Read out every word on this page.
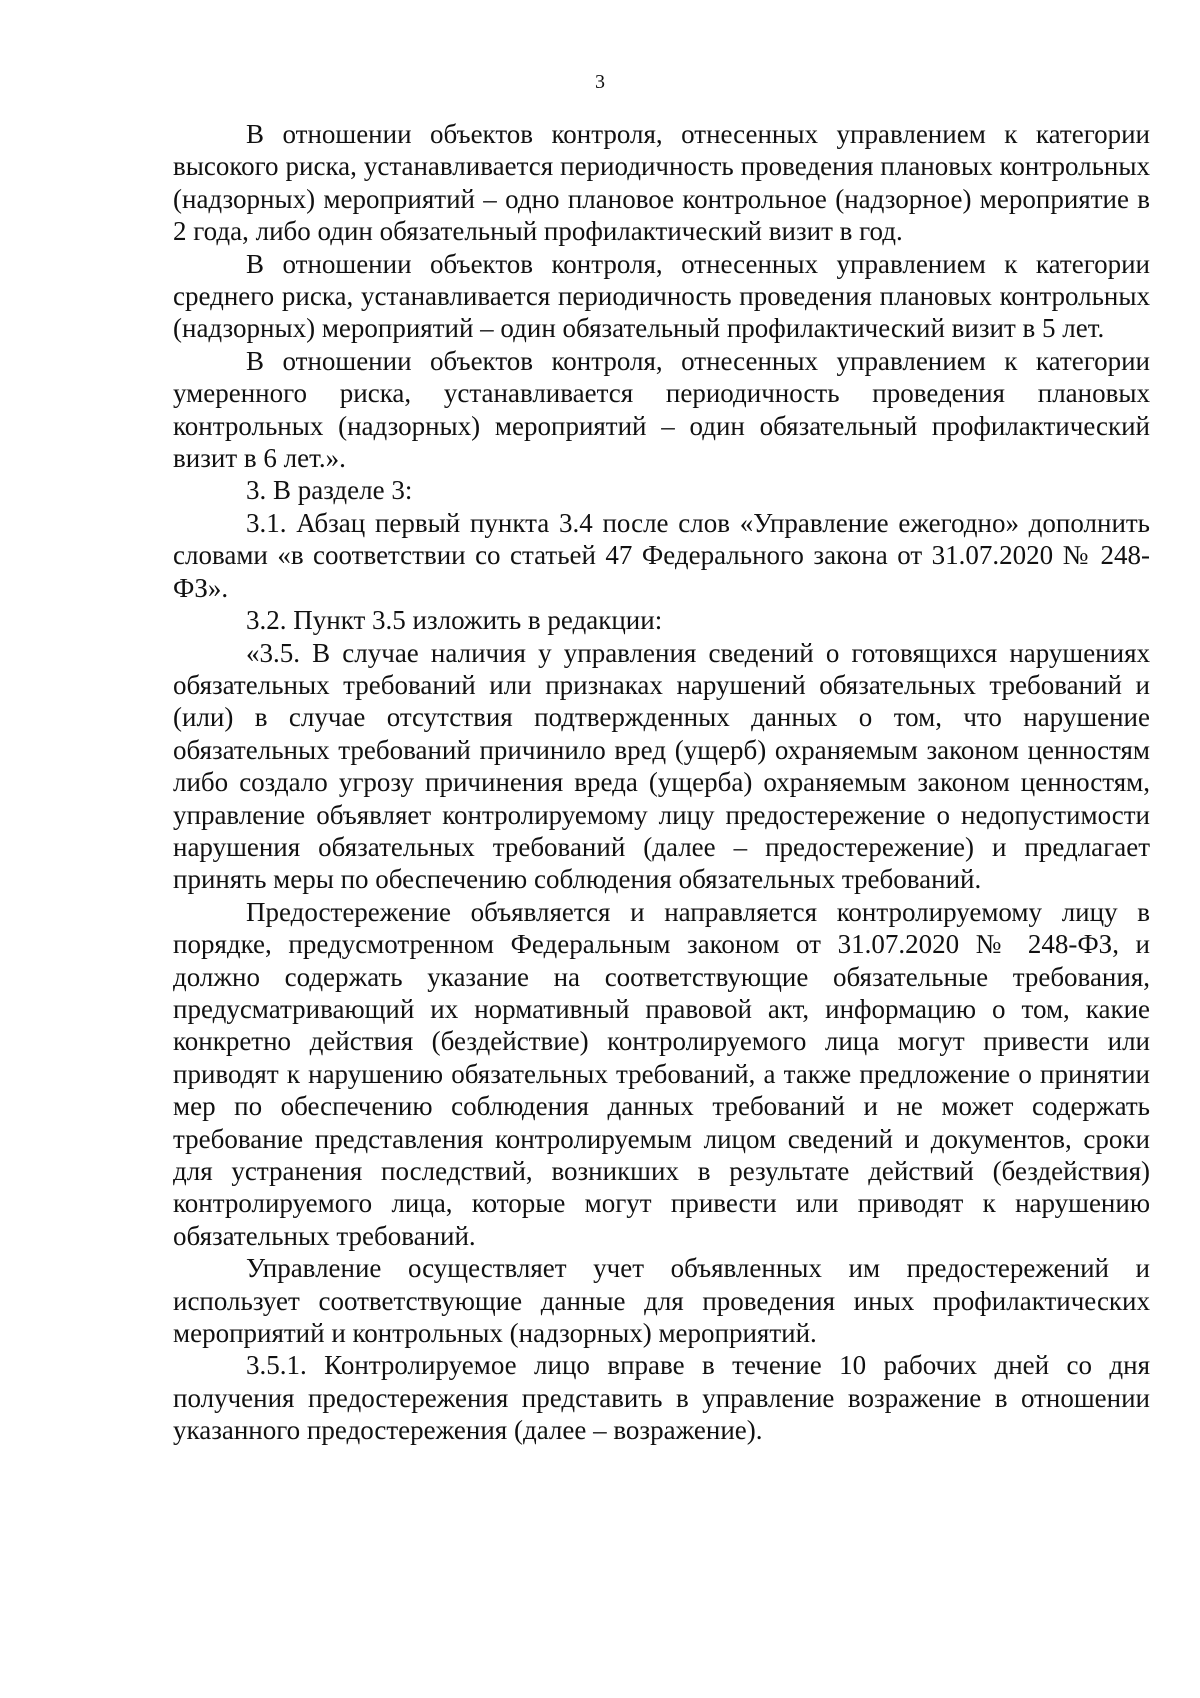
3

В отношении объектов контроля, отнесенных управлением к категории высокого риска, устанавливается периодичность проведения плановых контрольных (надзорных) мероприятий – одно плановое контрольное (надзорное) мероприятие в 2 года, либо один обязательный профилактический визит в год.

В отношении объектов контроля, отнесенных управлением к категории среднего риска, устанавливается периодичность проведения плановых контрольных (надзорных) мероприятий – один обязательный профилактический визит в 5 лет.

В отношении объектов контроля, отнесенных управлением к категории умеренного риска, устанавливается периодичность проведения плановых контрольных (надзорных) мероприятий – один обязательный профилактический визит в 6 лет.».

3. В разделе 3:

3.1. Абзац первый пункта 3.4 после слов «Управление ежегодно» дополнить словами «в соответствии со статьей 47 Федерального закона от 31.07.2020 № 248-ФЗ».

3.2. Пункт 3.5 изложить в редакции:

«3.5. В случае наличия у управления сведений о готовящихся нарушениях обязательных требований или признаках нарушений обязательных требований и (или) в случае отсутствия подтвержденных данных о том, что нарушение обязательных требований причинило вред (ущерб) охраняемым законом ценностям либо создало угрозу причинения вреда (ущерба) охраняемым законом ценностям, управление объявляет контролируемому лицу предостережение о недопустимости нарушения обязательных требований (далее – предостережение) и предлагает принять меры по обеспечению соблюдения обязательных требований.

Предостережение объявляется и направляется контролируемому лицу в порядке, предусмотренном Федеральным законом от 31.07.2020 № 248-ФЗ, и должно содержать указание на соответствующие обязательные требования, предусматривающий их нормативный правовой акт, информацию о том, какие конкретно действия (бездействие) контролируемого лица могут привести или приводят к нарушению обязательных требований, а также предложение о принятии мер по обеспечению соблюдения данных требований и не может содержать требование представления контролируемым лицом сведений и документов, сроки для устранения последствий, возникших в результате действий (бездействия) контролируемого лица, которые могут привести или приводят к нарушению обязательных требований.

Управление осуществляет учет объявленных им предостережений и использует соответствующие данные для проведения иных профилактических мероприятий и контрольных (надзорных) мероприятий.

3.5.1. Контролируемое лицо вправе в течение 10 рабочих дней со дня получения предостережения представить в управление возражение в отношении указанного предостережения (далее – возражение).
